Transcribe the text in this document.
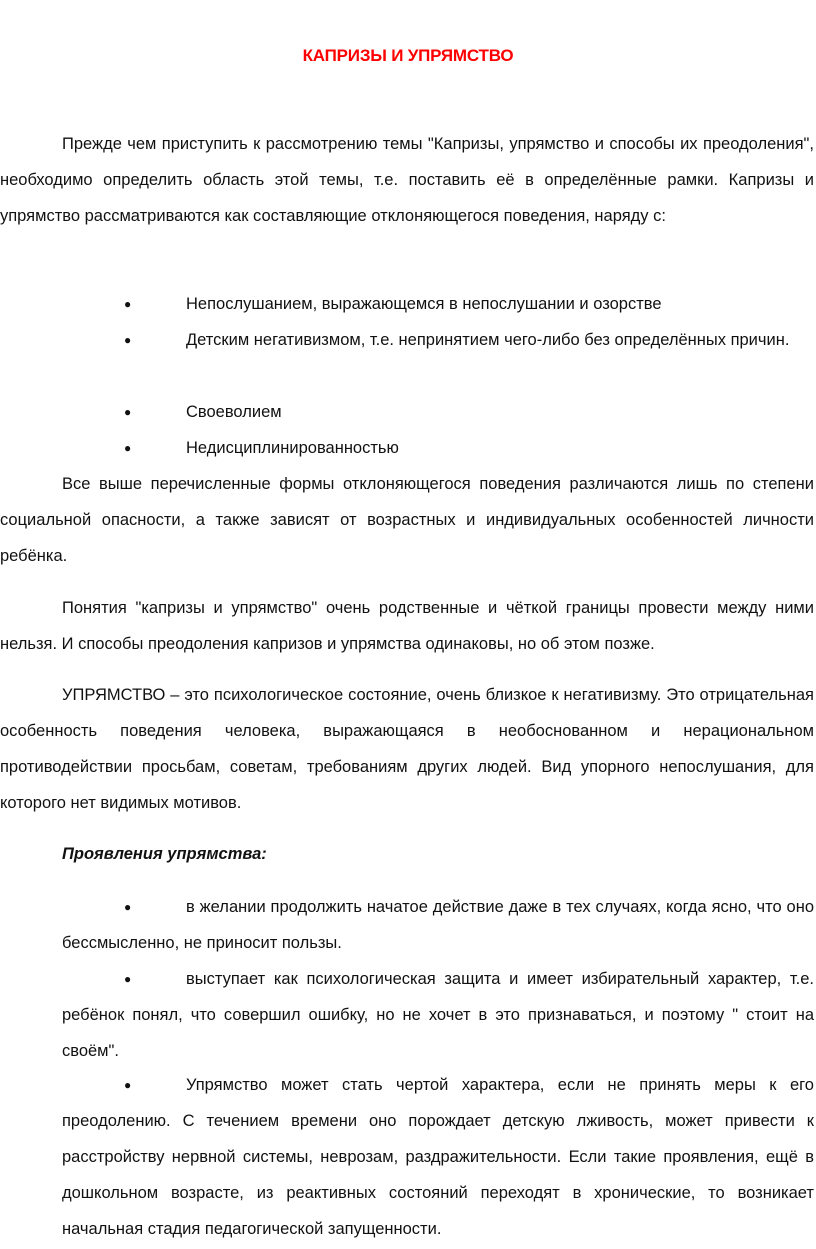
КАПРИЗЫ И УПРЯМСТВО

Прежде чем приступить к рассмотрению темы "Капризы, упрямство и способы их преодоления", необходимо определить область этой темы, т.е. поставить её в определённые рамки. Капризы и упрямство рассматриваются как составляющие отклоняющегося поведения, наряду с:

●	Непослушанием, выражающемся в непослушании и озорстве

●	Детским негативизмом, т.е. непринятием чего-либо без определённых причин.

●	Своеволием

●	Недисциплинированностью

Все выше перечисленные формы отклоняющегося поведения различаются лишь по степени социальной опасности, а также зависят от возрастных и индивидуальных особенностей личности ребёнка.

Понятия "капризы и упрямство" очень родственные и чёткой границы провести между ними нельзя. И способы преодоления капризов и упрямства одинаковы, но об этом позже.

УПРЯМСТВО – это психологическое состояние, очень близкое к негативизму. Это отрицательная особенность поведения человека, выражающаяся в необоснованном и нерациональном противодействии просьбам, советам, требованиям других людей. Вид упорного непослушания, для которого нет видимых мотивов.

Проявления упрямства:

●	в желании продолжить начатое действие даже в тех случаях, когда ясно, что оно бессмысленно, не приносит пользы.

●	выступает как психологическая защита и имеет избирательный характер, т.е. ребёнок понял, что совершил ошибку, но не хочет в это признаваться, и поэтому " стоит на своём".

●	Упрямство может стать чертой характера, если не принять меры к его преодолению. С течением времени оно порождает детскую лживость, может привести к расстройству нервной системы, неврозам, раздражительности. Если такие проявления, ещё в дошкольном возрасте, из реактивных состояний переходят в хронические, то возникает начальная стадия педагогической запущенности.
